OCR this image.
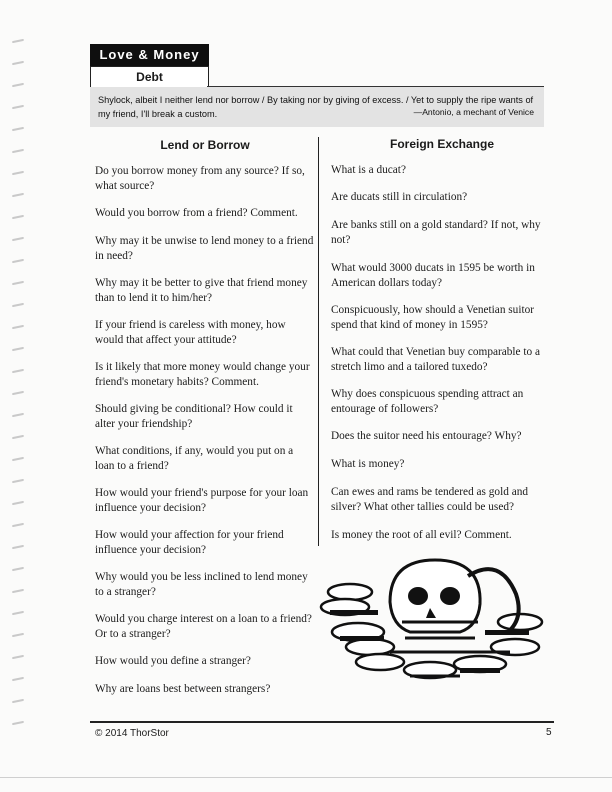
Love & Money
Debt
Shylock, albeit I neither lend nor borrow / By taking nor by giving of excess. / Yet to supply the ripe wants of my friend, I'll break a custom.	—Antonio, a mechant of Venice
Lend or Borrow	Foreign Exchange
Do you borrow money from any source? If so, what source?
Would you borrow from a friend? Comment.
Why may it be unwise to lend money to a friend in need?
Why may it be better to give that friend money than to lend it to him/her?
If your friend is careless with money, how would that affect your attitude?
Is it likely that more money would change your friend's monetary habits? Comment.
Should giving be conditional? How could it alter your friendship?
What conditions, if any, would you put on a loan to a friend?
How would your friend's purpose for your loan influence your decision?
How would your affection for your friend influence your decision?
Why would you be less inclined to lend money to a stranger?
Would you charge interest on a loan to a friend? Or to a stranger?
How would you define a stranger?
Why are loans best between strangers?
What is a ducat?
Are ducats still in circulation?
Are banks still on a gold standard? If not, why not?
What would 3000 ducats in 1595 be worth in American dollars today?
Conspicuously, how should a Venetian suitor spend that kind of money in 1595?
What could that Venetian buy comparable to a stretch limo and a tailored tuxedo?
Why does conspicuous spending attract an entourage of followers?
Does the suitor need his entourage? Why?
What is money?
Can ewes and rams be tendered as gold and silver? What other tallies could be used?
Is money the root of all evil? Comment.
© 2014 ThorStor	5
